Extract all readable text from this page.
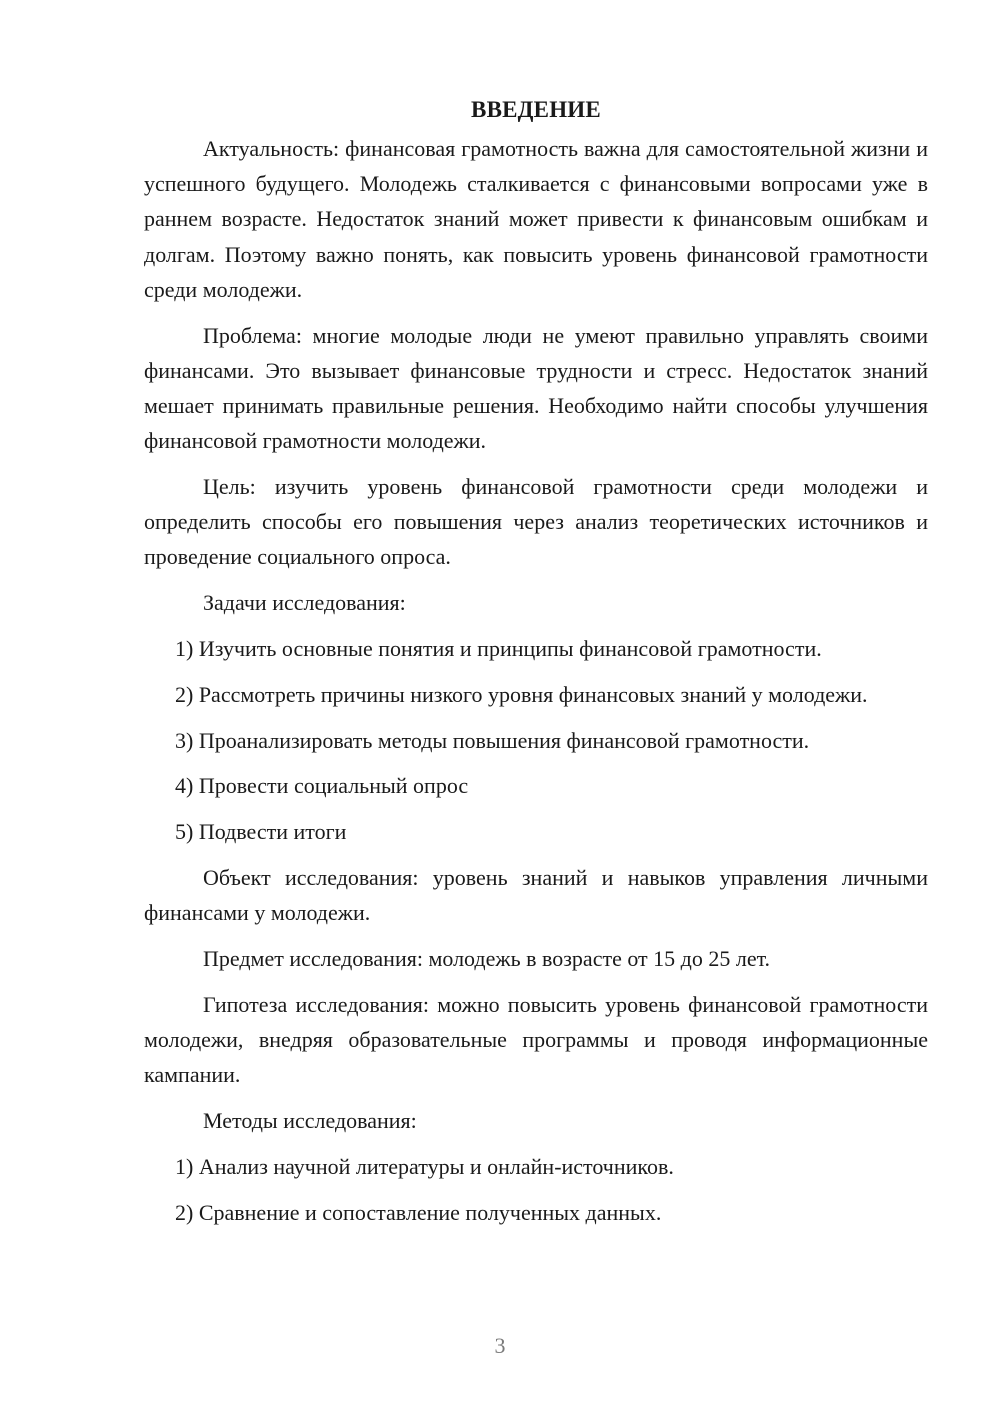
ВВЕДЕНИЕ

Актуальность: финансовая грамотность важна для самостоятельной жизни и успешного будущего. Молодежь сталкивается с финансовыми вопросами уже в раннем возрасте. Недостаток знаний может привести к финансовым ошибкам и долгам. Поэтому важно понять, как повысить уровень финансовой грамотности среди молодежи.

Проблема: многие молодые люди не умеют правильно управлять своими финансами. Это вызывает финансовые трудности и стресс. Недостаток знаний мешает принимать правильные решения. Необходимо найти способы улучшения финансовой грамотности молодежи.

Цель: изучить уровень финансовой грамотности среди молодежи и определить способы его повышения через анализ теоретических источников и проведение социального опроса.

Задачи исследования:

1) Изучить основные понятия и принципы финансовой грамотности.

2) Рассмотреть причины низкого уровня финансовых знаний у молодежи.

3) Проанализировать методы повышения финансовой грамотности.

4) Провести социальный опрос

5) Подвести итоги

Объект исследования: уровень знаний и навыков управления личными финансами у молодежи.

Предмет исследования: молодежь в возрасте от 15 до 25 лет.

Гипотеза исследования: можно повысить уровень финансовой грамотности молодежи, внедряя образовательные программы и проводя информационные кампании.

Методы исследования:

1) Анализ научной литературы и онлайн-источников.

2) Сравнение и сопоставление полученных данных.

3
